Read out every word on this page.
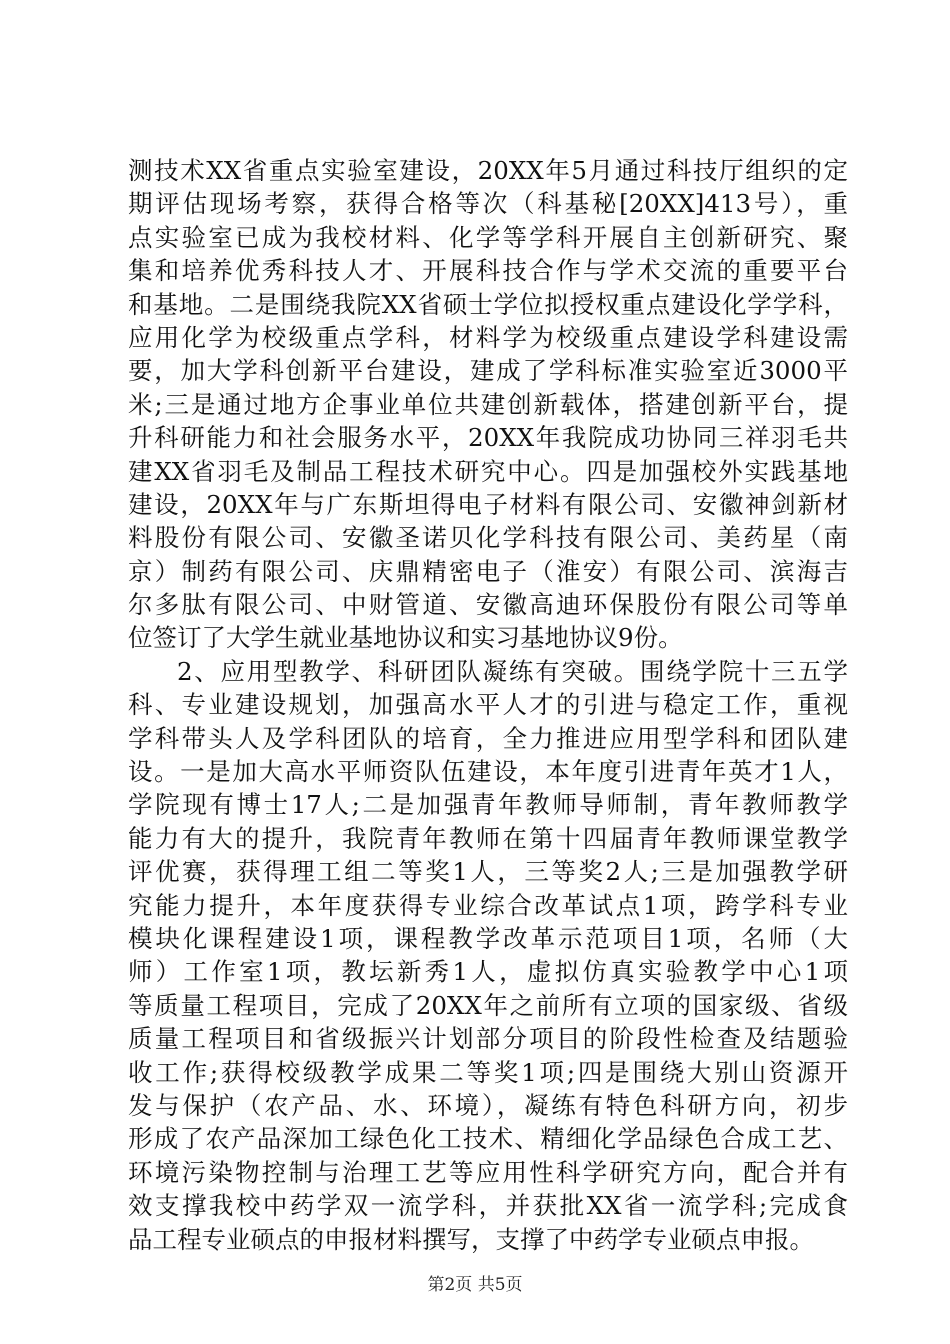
测技术XX省重点实验室建设，20XX年5月通过科技厅组织的定
期评估现场考察，获得合格等次（科基秘[20XX]413号），重
点实验室已成为我校材料、化学等学科开展自主创新研究、聚
集和培养优秀科技人才、开展科技合作与学术交流的重要平台
和基地。二是围绕我院XX省硕士学位拟授权重点建设化学学科，
应用化学为校级重点学科，材料学为校级重点建设学科建设需
要，加大学科创新平台建设，建成了学科标准实验室近3000平
米;三是通过地方企事业单位共建创新载体，搭建创新平台，提
升科研能力和社会服务水平，20XX年我院成功协同三祥羽毛共
建XX省羽毛及制品工程技术研究中心。四是加强校外实践基地
建设，20XX年与广东斯坦得电子材料有限公司、安徽神剑新材
料股份有限公司、安徽圣诺贝化学科技有限公司、美药星（南
京）制药有限公司、庆鼎精密电子（淮安）有限公司、滨海吉
尔多肽有限公司、中财管道、安徽高迪环保股份有限公司等单
位签订了大学生就业基地协议和实习基地协议9份。
2、应用型教学、科研团队凝练有突破。围绕学院十三五学
科、专业建设规划，加强高水平人才的引进与稳定工作，重视
学科带头人及学科团队的培育，全力推进应用型学科和团队建
设。一是加大高水平师资队伍建设，本年度引进青年英才1人，
学院现有博士17人;二是加强青年教师导师制，青年教师教学
能力有大的提升，我院青年教师在第十四届青年教师课堂教学
评优赛，获得理工组二等奖1人，三等奖2人;三是加强教学研
究能力提升，本年度获得专业综合改革试点1项，跨学科专业
模块化课程建设1项，课程教学改革示范项目1项，名师（大
师）工作室1项，教坛新秀1人，虚拟仿真实验教学中心1项
等质量工程项目，完成了20XX年之前所有立项的国家级、省级
质量工程项目和省级振兴计划部分项目的阶段性检查及结题验
收工作;获得校级教学成果二等奖1项;四是围绕大别山资源开
发与保护（农产品、水、环境），凝练有特色科研方向，初步
形成了农产品深加工绿色化工技术、精细化学品绿色合成工艺、
环境污染物控制与治理工艺等应用性科学研究方向，配合并有
效支撑我校中药学双一流学科，并获批XX省一流学科;完成食
品工程专业硕点的申报材料撰写，支撑了中药学专业硕点申报。
第2页 共5页
